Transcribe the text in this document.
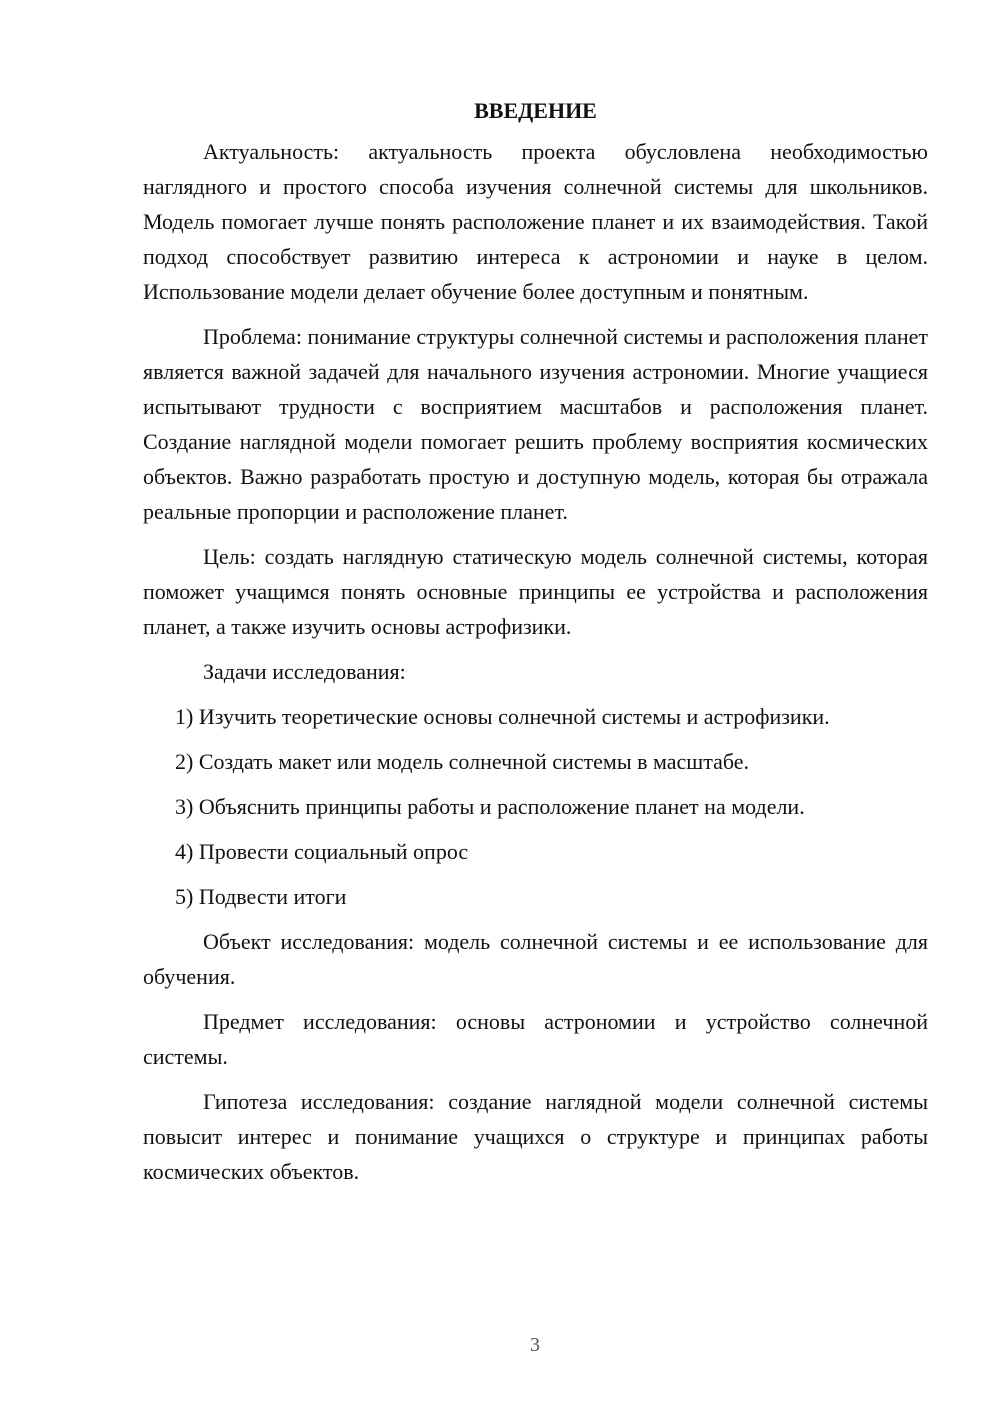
ВВЕДЕНИЕ

Актуальность: актуальность проекта обусловлена необходимостью наглядного и простого способа изучения солнечной системы для школьников. Модель помогает лучше понять расположение планет и их взаимодействия. Такой подход способствует развитию интереса к астрономии и науке в целом. Использование модели делает обучение более доступным и понятным.

Проблема: понимание структуры солнечной системы и расположения планет является важной задачей для начального изучения астрономии. Многие учащиеся испытывают трудности с восприятием масштабов и расположения планет. Создание наглядной модели помогает решить проблему восприятия космических объектов. Важно разработать простую и доступную модель, которая бы отражала реальные пропорции и расположение планет.

Цель: создать наглядную статическую модель солнечной системы, которая поможет учащимся понять основные принципы ее устройства и расположения планет, а также изучить основы астрофизики.

Задачи исследования:

1) Изучить теоретические основы солнечной системы и астрофизики.

2) Создать макет или модель солнечной системы в масштабе.

3) Объяснить принципы работы и расположение планет на модели.

4) Провести социальный опрос

5) Подвести итоги

Объект исследования: модель солнечной системы и ее использование для обучения.

Предмет исследования: основы астрономии и устройство солнечной системы.

Гипотеза исследования: создание наглядной модели солнечной системы повысит интерес и понимание учащихся о структуре и принципах работы космических объектов.

3
